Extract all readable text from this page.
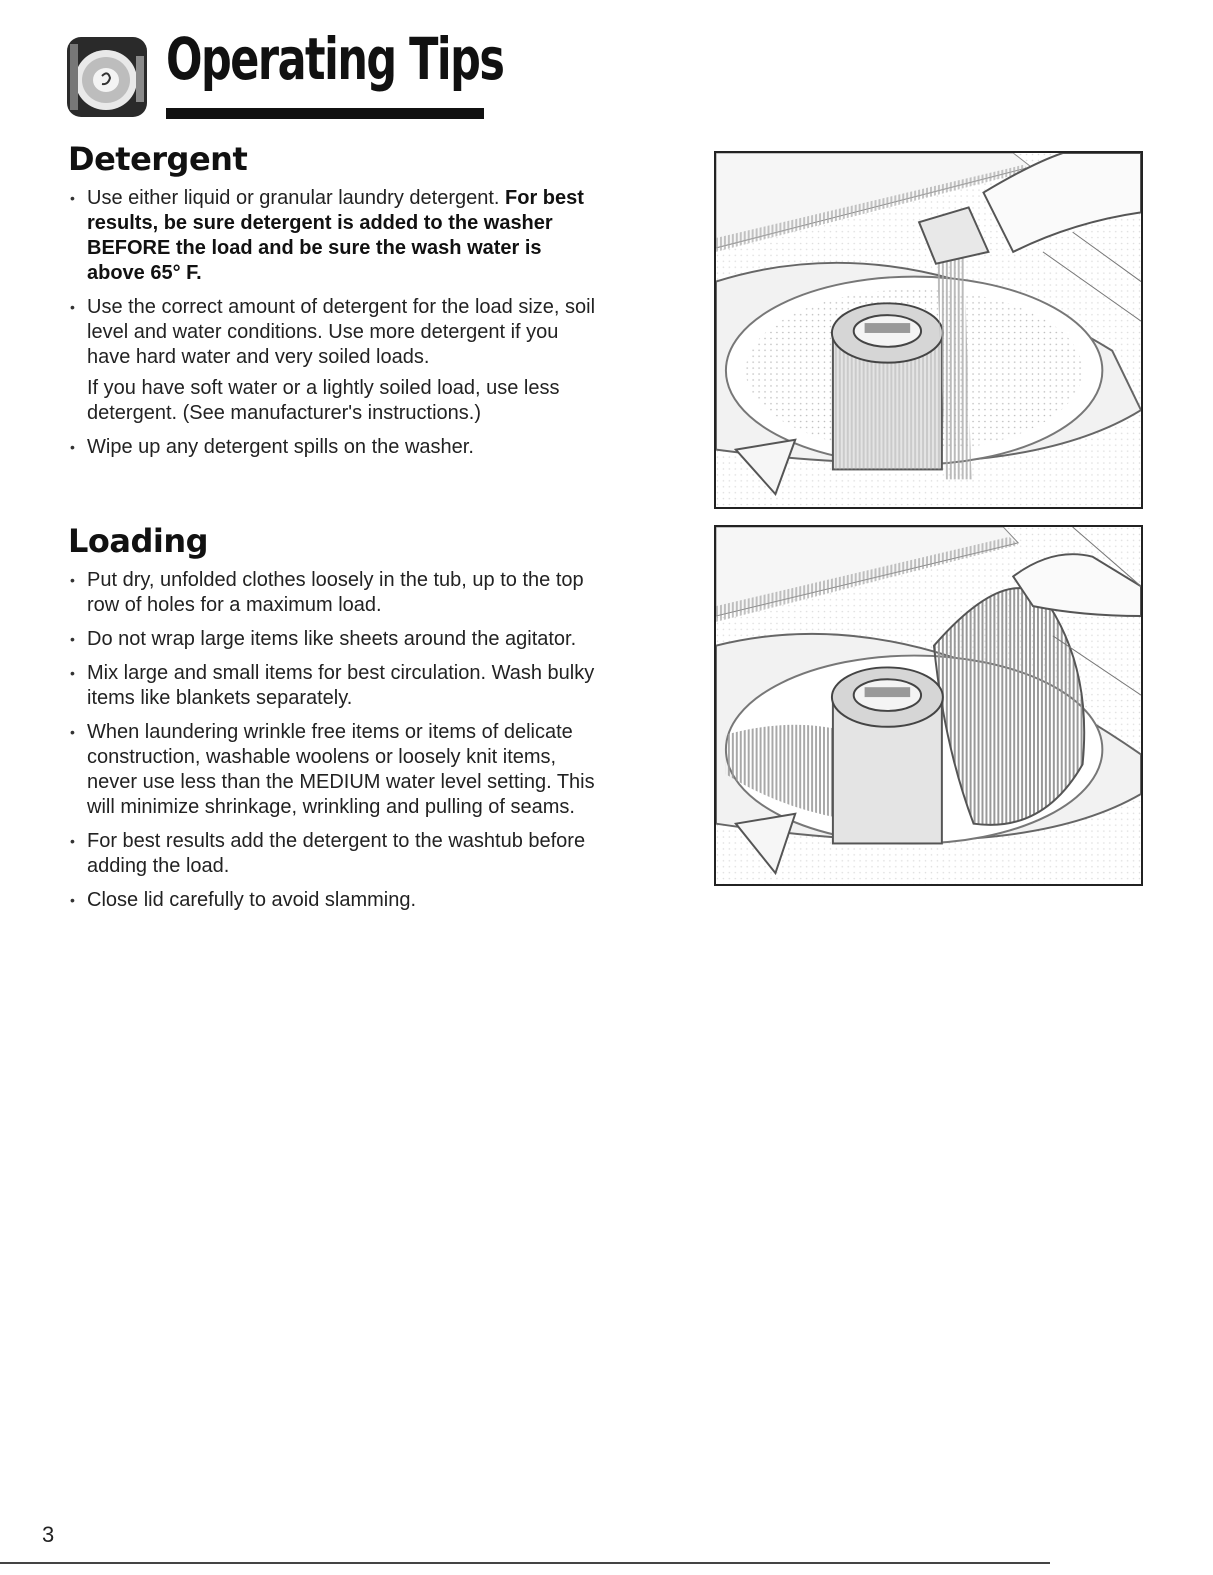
Operating Tips
Detergent
• Use either liquid or granular laundry detergent. For best results, be sure detergent is added to the washer BEFORE the load and be sure the wash water is above 65° F.
• Use the correct amount of detergent for the load size, soil level and water conditions. Use more detergent if you have hard water and very soiled loads.
If you have soft water or a lightly soiled load, use less detergent. (See manufacturer's instructions.)
• Wipe up any detergent spills on the washer.
Loading
• Put dry, unfolded clothes loosely in the tub, up to the top row of holes for a maximum load.
• Do not wrap large items like sheets around the agitator.
• Mix large and small items for best circulation. Wash bulky items like blankets separately.
• When laundering wrinkle free items or items of delicate construction, washable woolens or loosely knit items, never use less than the MEDIUM water level setting. This will minimize shrinkage, wrinkling and pulling of seams.
• For best results add the detergent to the washtub before adding the load.
• Close lid carefully to avoid slamming.
3
